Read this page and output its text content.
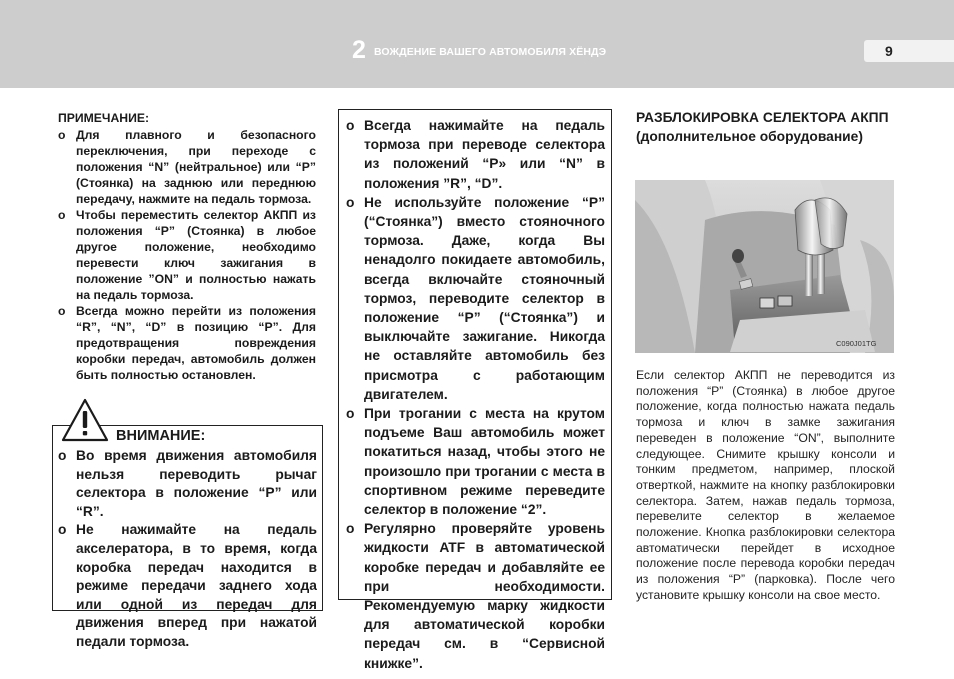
2 ВОЖДЕНИЕ ВАШЕГО АВТОМОБИЛЯ ХЁНДЭ	9
ПРИМЕЧАНИЕ:
o Для плавного и безопасного переключения, при переходе с положения “N” (нейтральное) или “P” (Стоянка) на заднюю или переднюю передачу, нажмите на педаль тормоза.
o Чтобы переместить селектор АКПП из положения “P” (Стоянка) в любое другое положение, необходимо перевести ключ зажигания в положение ”ON” и полностью нажать на педаль тормоза.
o Всегда можно перейти из положения “R”, “N”, “D” в позицию “P”. Для предотвращения повреждения коробки передач, автомобиль должен быть полностью остановлен.
ВНИМАНИЕ:
o Во время движения автомобиля нельзя переводить рычаг селектора в положение “P” или “R”.
o Не нажимайте на педаль акселератора, в то время, когда коробка передач находится в режиме передачи заднего хода или одной из передач для движения вперед при нажатой педали тормоза.
o Всегда нажимайте на педаль тормоза при переводе селектора из положений “P» или “N” в положения ”R”, “D”.
o Не используйте положение “P” (“Стоянка”) вместо стояночного тормоза. Даже, когда Вы ненадолго покидаете автомобиль, всегда включайте стояночный тормоз, переводите селектор в положение “P” (“Стоянка”) и выключайте зажигание. Никогда не оставляйте автомобиль без присмотра с работающим двигателем.
o При трогании с места на крутом подъеме Ваш автомобиль может покатиться назад, чтобы этого не произошло при трогании с места в спортивном режиме переведите селектор в положение “2”.
o Регулярно проверяйте уровень жидкости ATF в автоматической коробке передач и добавляйте ее при необходимости. Рекомендуемую марку жидкости для автоматической коробки передач см. в “Сервисной книжке”.
РАЗБЛОКИРОВКА СЕЛЕКТОРА АКПП
(дополнительное оборудование)
C090J01TG
Если селектор АКПП не переводится из положения “P” (Стоянка) в любое другое положение, когда полностью нажата педаль тормоза и ключ в замке зажигания переведен в положение “ON”, выполните следующее. Снимите крышку консоли и тонким предметом, например, плоской отверткой, нажмите на кнопку разблокировки селектора. Затем, нажав педаль тормоза, перевелите селектор в желаемое положение. Кнопка разблокировки селектора автоматически перейдет в исходное положение после перевода коробки передач из положения “P” (парковка). После чего установите крышку консоли на свое место.
